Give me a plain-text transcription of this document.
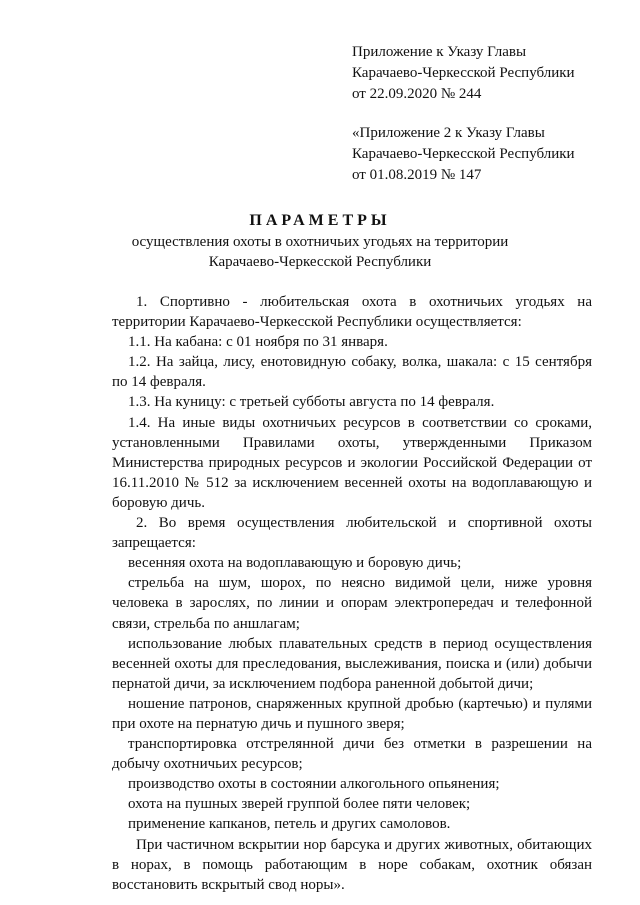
Приложение к Указу Главы
Карачаево-Черкесской Республики
от 22.09.2020 № 244
«Приложение 2 к Указу Главы
Карачаево-Черкесской Республики
от 01.08.2019 № 147
ПАРАМЕТРЫ
осуществления охоты в охотничьих угодьях на территории
Карачаево-Черкесской Республики

1. Спортивно - любительская охота в охотничьих угодьях на территории Карачаево-Черкесской Республики осуществляется:

1.1. На кабана: с 01 ноября по 31 января.

1.2. На зайца, лису, енотовидную собаку, волка, шакала: с 15 сентября по 14 февраля.

1.3. На куницу: с третьей субботы августа по 14 февраля.

1.4. На иные виды охотничьих ресурсов в соответствии со сроками, установленными Правилами охоты, утвержденными Приказом Министерства природных ресурсов и экологии Российской Федерации от 16.11.2010 № 512 за исключением весенней охоты на водоплавающую и боровую дичь.

2. Во время осуществления любительской и спортивной охоты запрещается:

весенняя охота на водоплавающую и боровую дичь;

стрельба на шум, шорох, по неясно видимой цели, ниже уровня человека в зарослях, по линии и опорам электропередач и телефонной связи, стрельба по аншлагам;

использование любых плавательных средств в период осуществления весенней охоты для преследования, выслеживания, поиска и (или) добычи пернатой дичи, за исключением подбора раненной добытой дичи;

ношение патронов, снаряженных крупной дробью (картечью) и пулями при охоте на пернатую дичь и пушного зверя;

транспортировка отстрелянной дичи без отметки в разрешении на добычу охотничьих ресурсов;

производство охоты в состоянии алкогольного опьянения;

охота на пушных зверей группой более пяти человек;

применение капканов, петель и других самоловов.

При частичном вскрытии нор барсука и других животных, обитающих в норах, в помощь работающим в норе собакам, охотник обязан восстановить вскрытый свод норы».
